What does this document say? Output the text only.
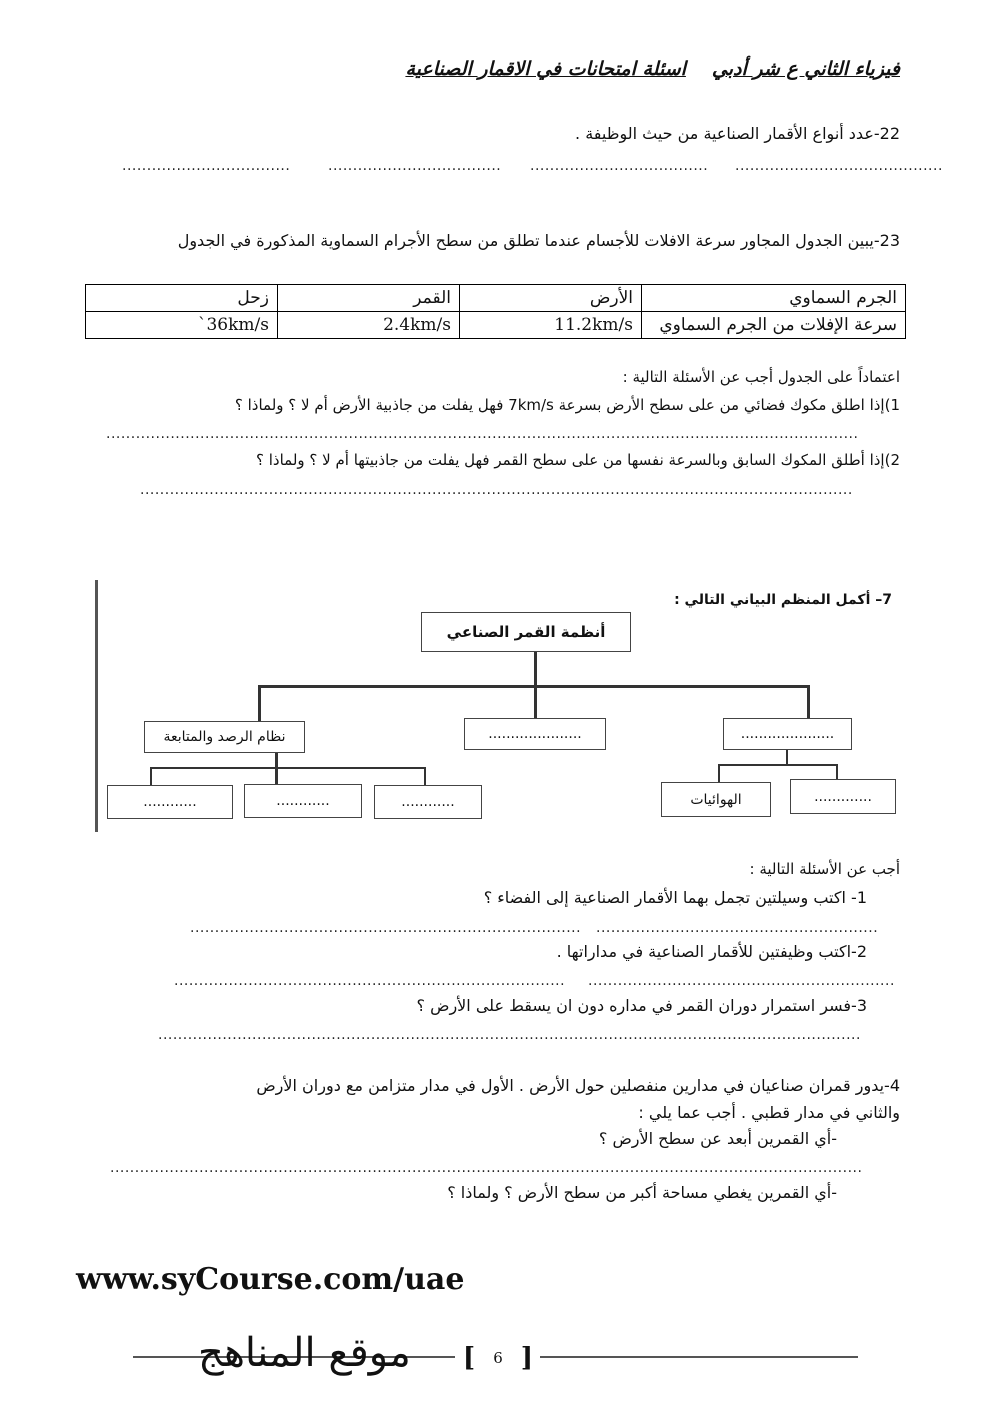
فيزياء الثاني ع شر أدبياسئلة امتحانات في الاقمار الصناعية
22-عدد أنواع الأقمار الصناعية من حيث الوظيفة .
..........................................
....................................
...................................
..................................
23-يبين الجدول المجاور سرعة الافلات للأجسام عندما تطلق من سطح الأجرام السماوية المذكورة في الجدول
زحل	القمر	الأرض	الجرم السماوي
36km/s`	2.4km/s	11.2km/s	سرعة الإفلات من الجرم السماوي
اعتماداً على الجدول أجب عن الأسئلة التالية :
1)إذا اطلق مكوك فضائي من على سطح الأرض بسرعة 7km/s فهل يفلت من جاذبية الأرض أم لا ؟ ولماذا ؟
........................................................................................................................................................
2)إذا أطلق المكوك السابق وبالسرعة نفسها من على سطح القمر فهل يفلت من جاذبيتها أم لا ؟ ولماذا ؟
................................................................................................................................................
7– أكمل المنظم البياني التالي :
أنظمة القمر الصناعي
.....................
.....................
نظام الرصد والمتابعة
.............
الهوائيات
............	............	............
أجب عن الأسئلة التالية :
1- اكتب وسيلتين تجمل بهما الأقمار الصناعية إلى الفضاء ؟
.........................................................
...............................................................................
2-اكتب وظيفتين للأقمار الصناعية في مداراتها .
..............................................................
...............................................................................
3-فسر استمرار دوران القمر في مداره دون ان يسقط على الأرض ؟
..............................................................................................................................................
4-يدور قمران صناعيان في مدارين منفصلين حول الأرض . الأول في مدار متزامن مع دوران الأرض
والثاني في مدار قطبي . أجب عما يلي :
-أي القمرين أبعد عن سطح الأرض ؟
........................................................................................................................................................
-أي القمرين يغطي مساحة أكبر من سطح الأرض ؟ ولماذا ؟
www.syCourse.com/uae
موقع المناهج [ 6 ]
